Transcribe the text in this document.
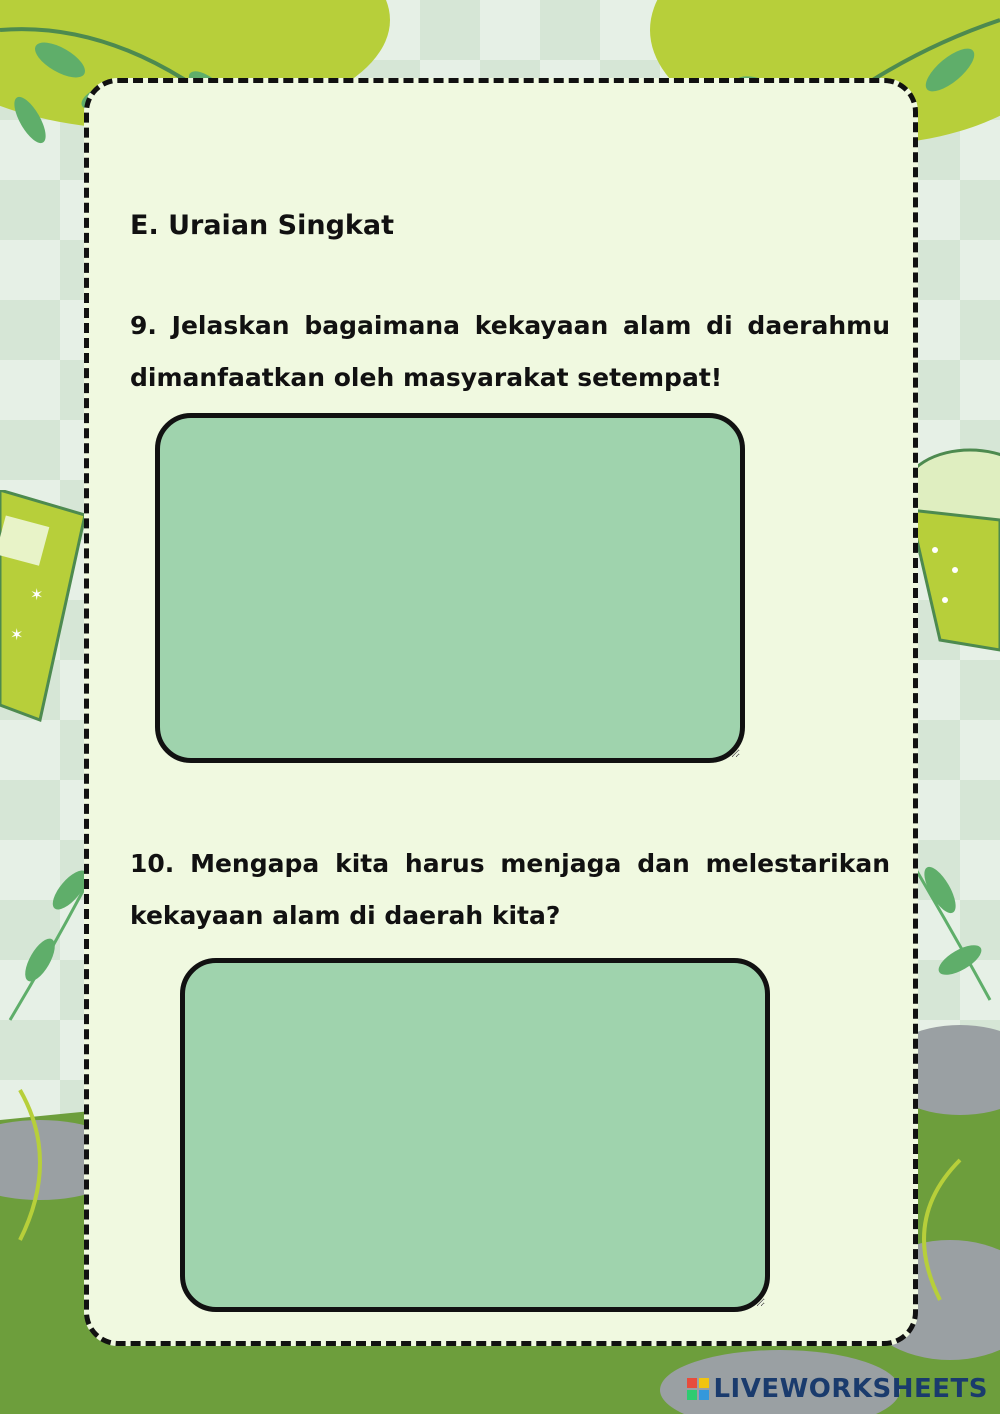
✶
✶
E. Uraian Singkat

9. Jelaskan bagaimana kekayaan alam di daerahmu dimanfaatkan oleh masyarakat setempat!

10. Mengapa kita harus menjaga dan melestarikan kekayaan alam di daerah kita?

LIVEWORKSHEETS
